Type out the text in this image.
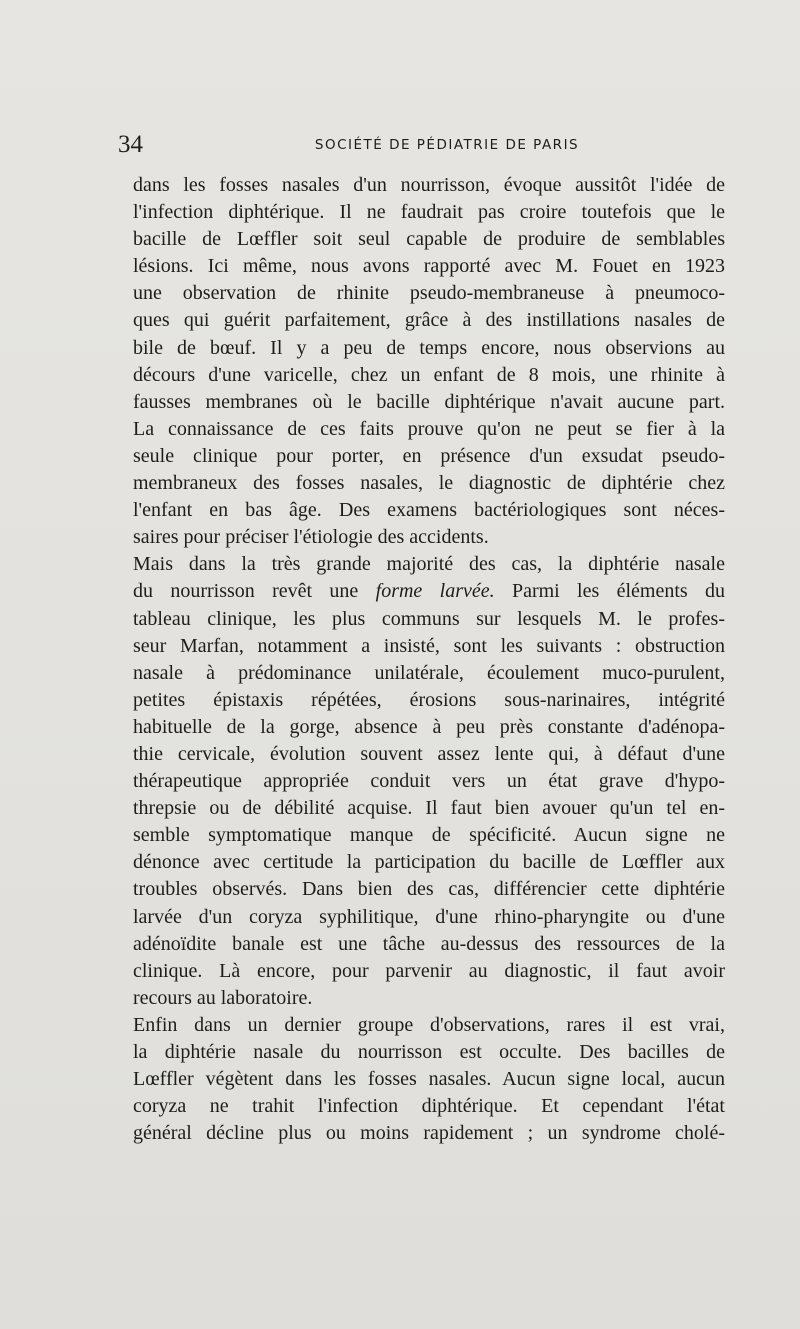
34	SOCIÉTÉ DE PÉDIATRIE DE PARIS
dans les fosses nasales d'un nourrisson, évoque aussitôt l'idée de
l'infection diphtérique. Il ne faudrait pas croire toutefois que le
bacille de Lœffler soit seul capable de produire de semblables
lésions. Ici même, nous avons rapporté avec M. Fouet en 1923
une observation de rhinite pseudo-membraneuse à pneumoco-
ques qui guérit parfaitement, grâce à des instillations nasales de
bile de bœuf. Il y a peu de temps encore, nous observions au
décours d'une varicelle, chez un enfant de 8 mois, une rhinite à
fausses membranes où le bacille diphtérique n'avait aucune part.
La connaissance de ces faits prouve qu'on ne peut se fier à la
seule clinique pour porter, en présence d'un exsudat pseudo-
membraneux des fosses nasales, le diagnostic de diphtérie chez
l'enfant en bas âge. Des examens bactériologiques sont néces-
saires pour préciser l'étiologie des accidents.
Mais dans la très grande majorité des cas, la diphtérie nasale
du nourrisson revêt une forme larvée. Parmi les éléments du
tableau clinique, les plus communs sur lesquels M. le profes-
seur Marfan, notamment a insisté, sont les suivants : obstruction
nasale à prédominance unilatérale, écoulement muco-purulent,
petites épistaxis répétées, érosions sous-narinaires, intégrité
habituelle de la gorge, absence à peu près constante d'adénopa-
thie cervicale, évolution souvent assez lente qui, à défaut d'une
thérapeutique appropriée conduit vers un état grave d'hypo-
threpsie ou de débilité acquise. Il faut bien avouer qu'un tel en-
semble symptomatique manque de spécificité. Aucun signe ne
dénonce avec certitude la participation du bacille de Lœffler aux
troubles observés. Dans bien des cas, différencier cette diphtérie
larvée d'un coryza syphilitique, d'une rhino-pharyngite ou d'une
adénoïdite banale est une tâche au-dessus des ressources de la
clinique. Là encore, pour parvenir au diagnostic, il faut avoir
recours au laboratoire.
Enfin dans un dernier groupe d'observations, rares il est vrai,
la diphtérie nasale du nourrisson est occulte. Des bacilles de
Lœffler végètent dans les fosses nasales. Aucun signe local, aucun
coryza ne trahit l'infection diphtérique. Et cependant l'état
général décline plus ou moins rapidement ; un syndrome cholé-
